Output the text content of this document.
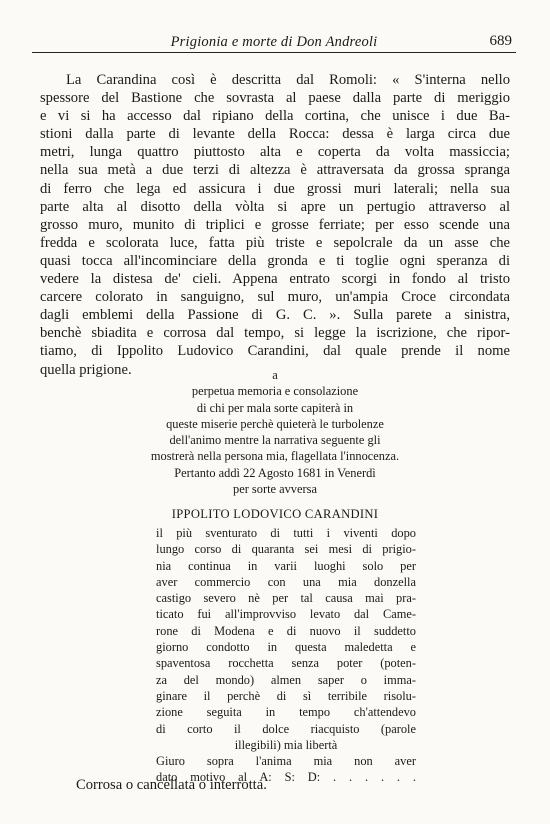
Prigionia e morte di Don Andreoli	689
La Carandina così è descritta dal Romoli: « S'interna nello
spessore del Bastione che sovrasta al paese dalla parte di meriggio
e vi si ha accesso dal ripiano della cortina, che unisce i due Ba-
stioni dalla parte di levante della Rocca: dessa è larga circa due
metri, lunga quattro piuttosto alta e coperta da volta massiccia;
nella sua metà a due terzi di altezza è attraversata da grossa spranga
di ferro che lega ed assicura i due grossi muri laterali; nella sua
parte alta al disotto della vòlta si apre un pertugio attraverso al
grosso muro, munito di triplici e grosse ferriate; per esso scende una
fredda e scolorata luce, fatta più triste e sepolcrale da un asse che
quasi tocca all'incominciare della gronda e ti toglie ogni speranza di
vedere la distesa de' cieli. Appena entrato scorgi in fondo al tristo
carcere colorato in sanguigno, sul muro, un'ampia Croce circondata
dagli emblemi della Passione di G. C. ». Sulla parete a sinistra,
benchè sbiadita e corrosa dal tempo, si legge la iscrizione, che ripor-
tiamo, di Ippolito Ludovico Carandini, dal quale prende il nome
quella prigione.	a
perpetua memoria e consolazione
di chi per mala sorte capiterà in
queste miserie perchè quieterà le turbolenze
dell'animo mentre la narrativa seguente gli
mostrerà nella persona mia, flagellata l'innocenza.
Pertanto addì 22 Agosto 1681 in Venerdì
per sorte avversa
IPPOLITO LODOVICO CARANDINI
il più sventurato di tutti i viventi dopo
lungo corso di quaranta sei mesi di prigio-
nia continua in varii luoghi solo per
aver commercio con una mia donzella
castigo severo nè per tal causa mai pra-
ticato fui all'improvviso levato dal Came-
rone di Modena e di nuovo il suddetto
giorno condotto in questa maledetta e
spaventosa rocchetta senza poter (poten-
za del mondo) almen saper o imma-
ginare il perchè di sì terribile risolu-
zione seguita in tempo ch'attendevo
di corto il dolce riacquisto (parole
illegibili) mia libertà
Giuro sopra l'anima mia non aver
dato motivo al A: S: D: . . . . . .
Corrosa o cancellata o interrotta.
